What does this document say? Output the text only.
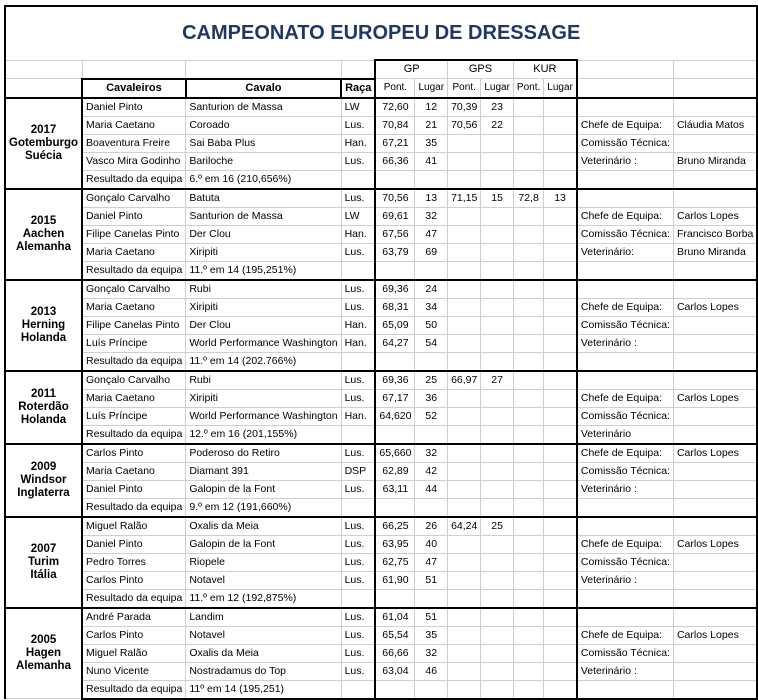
CAMPEONATO EUROPEU DE DRESSAGE											
				GP		GPS		KUR			
	Cavaleiros	Cavalo	Raça	Pont.	Lugar	Pont.	Lugar	Pont.	Lugar		

2017
Gotemburgo
Suécia	Daniel Pinto	Santurion de Massa	LW	72,60	12	70,39	23				
	Maria Caetano	Coroado	Lus.	70,84	21	70,56	22			Chefe de Equipa:	Cláudia Matos
	Boaventura Freire	Sai Baba Plus	Han.	67,21	35					Comissão Técnica:	
	Vasco Mira Godinho	Bariloche	Lus.	66,36	41					Veterinário :	Bruno Miranda
	Resultado da equipa	6.º em 16 (210,656%)									

2015
Aachen
Alemanha	Gonçalo Carvalho	Batuta	Lus.	70,56	13	71,15	15	72,8	13		
	Daniel Pinto	Santurion de Massa	LW	69,61	32					Chefe de Equipa:	Carlos Lopes
	Filipe Canelas Pinto	Der Clou	Han.	67,56	47					Comissão Técnica:	Francisco Borba
	Maria Caetano	Xiripiti	Lus.	63,79	69					Veterinário:	Bruno Miranda
	Resultado da equipa	11.º em 14 (195,251%)									

2013
Herning
Holanda	Gonçalo Carvalho	Rubi	Lus.	69,36	24						
	Maria Caetano	Xiripiti	Lus.	68,31	34					Chefe de Equipa:	Carlos Lopes
	Filipe Canelas Pinto	Der Clou	Han.	65,09	50					Comissão Técnica:	
	Luís Príncipe	World Performance Washington	Han.	64,27	54					Veterinário :	
	Resultado da equipa	11.º em 14 (202.766%)									

2011
Roterdão
Holanda	Gonçalo Carvalho	Rubi	Lus.	69,36	25	66,97	27				
	Maria Caetano	Xiripiti	Lus.	67,17	36					Chefe de Equipa:	Carlos Lopes
	Luís Príncipe	World Performance Washington	Han.	64,620	52					Comissão Técnica:	
	Resultado da equipa	12.º em 16 (201,155%)								Veterinário	

2009
Windsor
Inglaterra	Carlos Pinto	Poderoso do Retiro	Lus.	65,660	32					Chefe de Equipa:	Carlos Lopes
	Maria Caetano	Diamant 391	DSP	62,89	42					Comissão Técnica:	
	Daniel Pinto	Galopin de la Font	Lus.	63,11	44					Veterinário :	
	Resultado da equipa	9.º em 12 (191,660%)									

2007
Turim
Itália	Miguel Ralão	Oxalis da Meia	Lus.	66,25	26	64,24	25				
	Daniel Pinto	Galopin de la Font	Lus.	63,95	40					Chefe de Equipa:	Carlos Lopes
	Pedro Torres	Riopele	Lus.	62,75	47					Comissão Técnica:	
	Carlos Pinto	Notavel	Lus.	61,90	51					Veterinário :	
	Resultado da equipa	11.º em 12 (192,875%)									

2005
Hagen
Alemanha	André Parada	Landim	Lus.	61,04	51						
	Carlos Pinto	Notavel	Lus.	65,54	35					Chefe de Equipa:	Carlos Lopes
	Miguel Ralão	Oxalis da Meia	Lus.	66,66	32					Comissão Técnica:	
	Nuno Vicente	Nostradamus do Top	Lus.	63,04	46					Veterinário :	
	Resultado da equipa	11º em 14 (195,251)									
